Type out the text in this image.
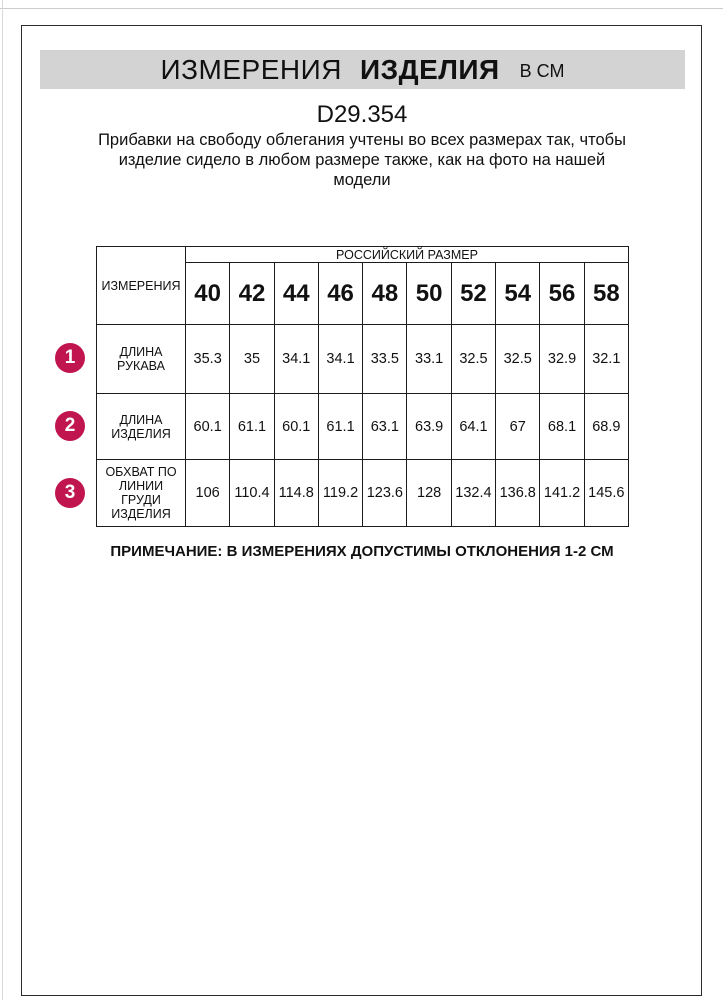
ИЗМЕРЕНИЯ ИЗДЕЛИЯ В СМ
D29.354
Прибавки на свободу облегания учтены во всех размерах так, чтобы
изделие сидело в любом размере также, как на фото на нашей
модели
ИЗМЕРЕНИЯ	РОССИЙСКИЙ РАЗМЕР									
	40	42	44	46	48	50	52	54	56	58
ДЛИНА РУКАВА	35.3	35	34.1	34.1	33.5	33.1	32.5	32.5	32.9	32.1
ДЛИНА ИЗДЕЛИЯ	60.1	61.1	60.1	61.1	63.1	63.9	64.1	67	68.1	68.9
ОБХВАТ ПО ЛИНИИ ГРУДИ ИЗДЕЛИЯ	106	110.4	114.8	119.2	123.6	128	132.4	136.8	141.2	145.6
1
2
3
ПРИМЕЧАНИЕ: В ИЗМЕРЕНИЯХ ДОПУСТИМЫ ОТКЛОНЕНИЯ 1-2 СМ
